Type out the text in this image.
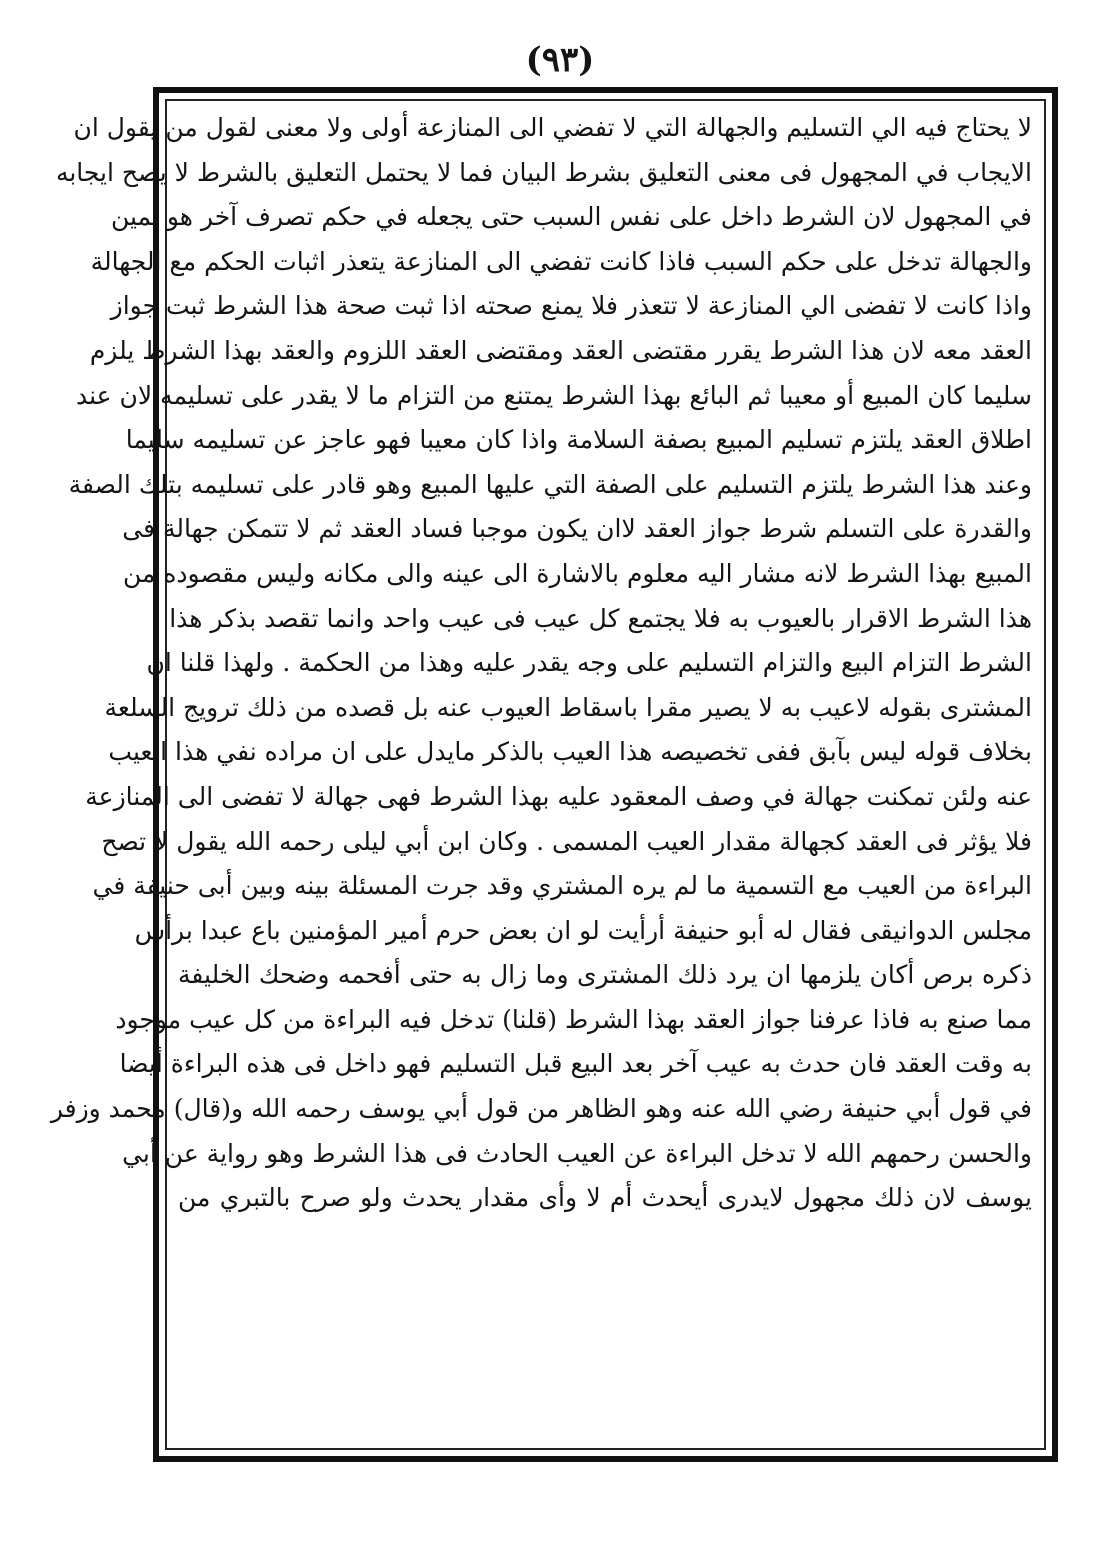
(۹۳)
لا يحتاج فيه الي التسليم والجهالة التي لا تفضي الى المنازعة أولى ولا معنى لقول من يقول ان
الايجاب في المجهول فى معنى التعليق بشرط البيان فما لا يحتمل التعليق بالشرط لا يصح ايجابه
في المجهول لان الشرط داخل على نفس السبب حتى يجعله في حكم تصرف آخر هو يمين
والجهالة تدخل على حكم السبب فاذا كانت تفضي الى المنازعة يتعذر اثبات الحكم مع الجهالة
واذا كانت لا تفضى الي المنازعة لا تتعذر فلا يمنع صحته اذا ثبت صحة هذا الشرط ثبت جواز
العقد معه لان هذا الشرط يقرر مقتضى العقد ومقتضى العقد اللزوم والعقد بهذا الشرط يلزم
سليما كان المبيع أو معيبا ثم البائع بهذا الشرط يمتنع من التزام ما لا يقدر على تسليمه لان عند
اطلاق العقد يلتزم تسليم المبيع بصفة السلامة واذا كان معيبا فهو عاجز عن تسليمه سليما
وعند هذا الشرط يلتزم التسليم على الصفة التي عليها المبيع وهو قادر على تسليمه بتلك الصفة
والقدرة على التسلم شرط جواز العقد لاان يكون موجبا فساد العقد ثم لا تتمكن جهالة فى
المبيع بهذا الشرط لانه مشار اليه معلوم بالاشارة الى عينه والى مكانه وليس مقصوده من
هذا الشرط الاقرار بالعيوب به فلا يجتمع كل عيب فى عيب واحد وانما تقصد بذكر هذا
الشرط التزام البيع والتزام التسليم على وجه يقدر عليه وهذا من الحكمة . ولهذا قلنا ان
المشترى بقوله لاعيب به لا يصير مقرا باسقاط العيوب عنه بل قصده من ذلك ترويج السلعة
بخلاف قوله ليس بآبق ففى تخصيصه هذا العيب بالذكر مايدل على ان مراده نفي هذا العيب
عنه ولئن تمكنت جهالة في وصف المعقود عليه بهذا الشرط فهى جهالة لا تفضى الى المنازعة
فلا يؤثر فى العقد كجهالة مقدار العيب المسمى . وكان ابن أبي ليلى رحمه الله يقول لا تصح
البراءة من العيب مع التسمية ما لم يره المشتري وقد جرت المسئلة بينه وبين أبى حنيفة في
مجلس الدوانيقى فقال له أبو حنيفة أرأيت لو ان بعض حرم أمير المؤمنين باع عبدا برأس
ذكره برص أكان يلزمها ان يرد ذلك المشترى وما زال به حتى أفحمه وضحك الخليفة
مما صنع به فاذا عرفنا جواز العقد بهذا الشرط (قلنا) تدخل فيه البراءة من كل عيب موجود
به وقت العقد فان حدث به عيب آخر بعد البيع قبل التسليم فهو داخل فى هذه البراءة أيضا
في قول أبي حنيفة رضي الله عنه وهو الظاهر من قول أبي يوسف رحمه الله و(قال) محمد وزفر
والحسن رحمهم الله لا تدخل البراءة عن العيب الحادث فى هذا الشرط وهو رواية عن أبي
يوسف لان ذلك مجهول لايدرى أيحدث أم لا وأى مقدار يحدث ولو صرح بالتبري من
